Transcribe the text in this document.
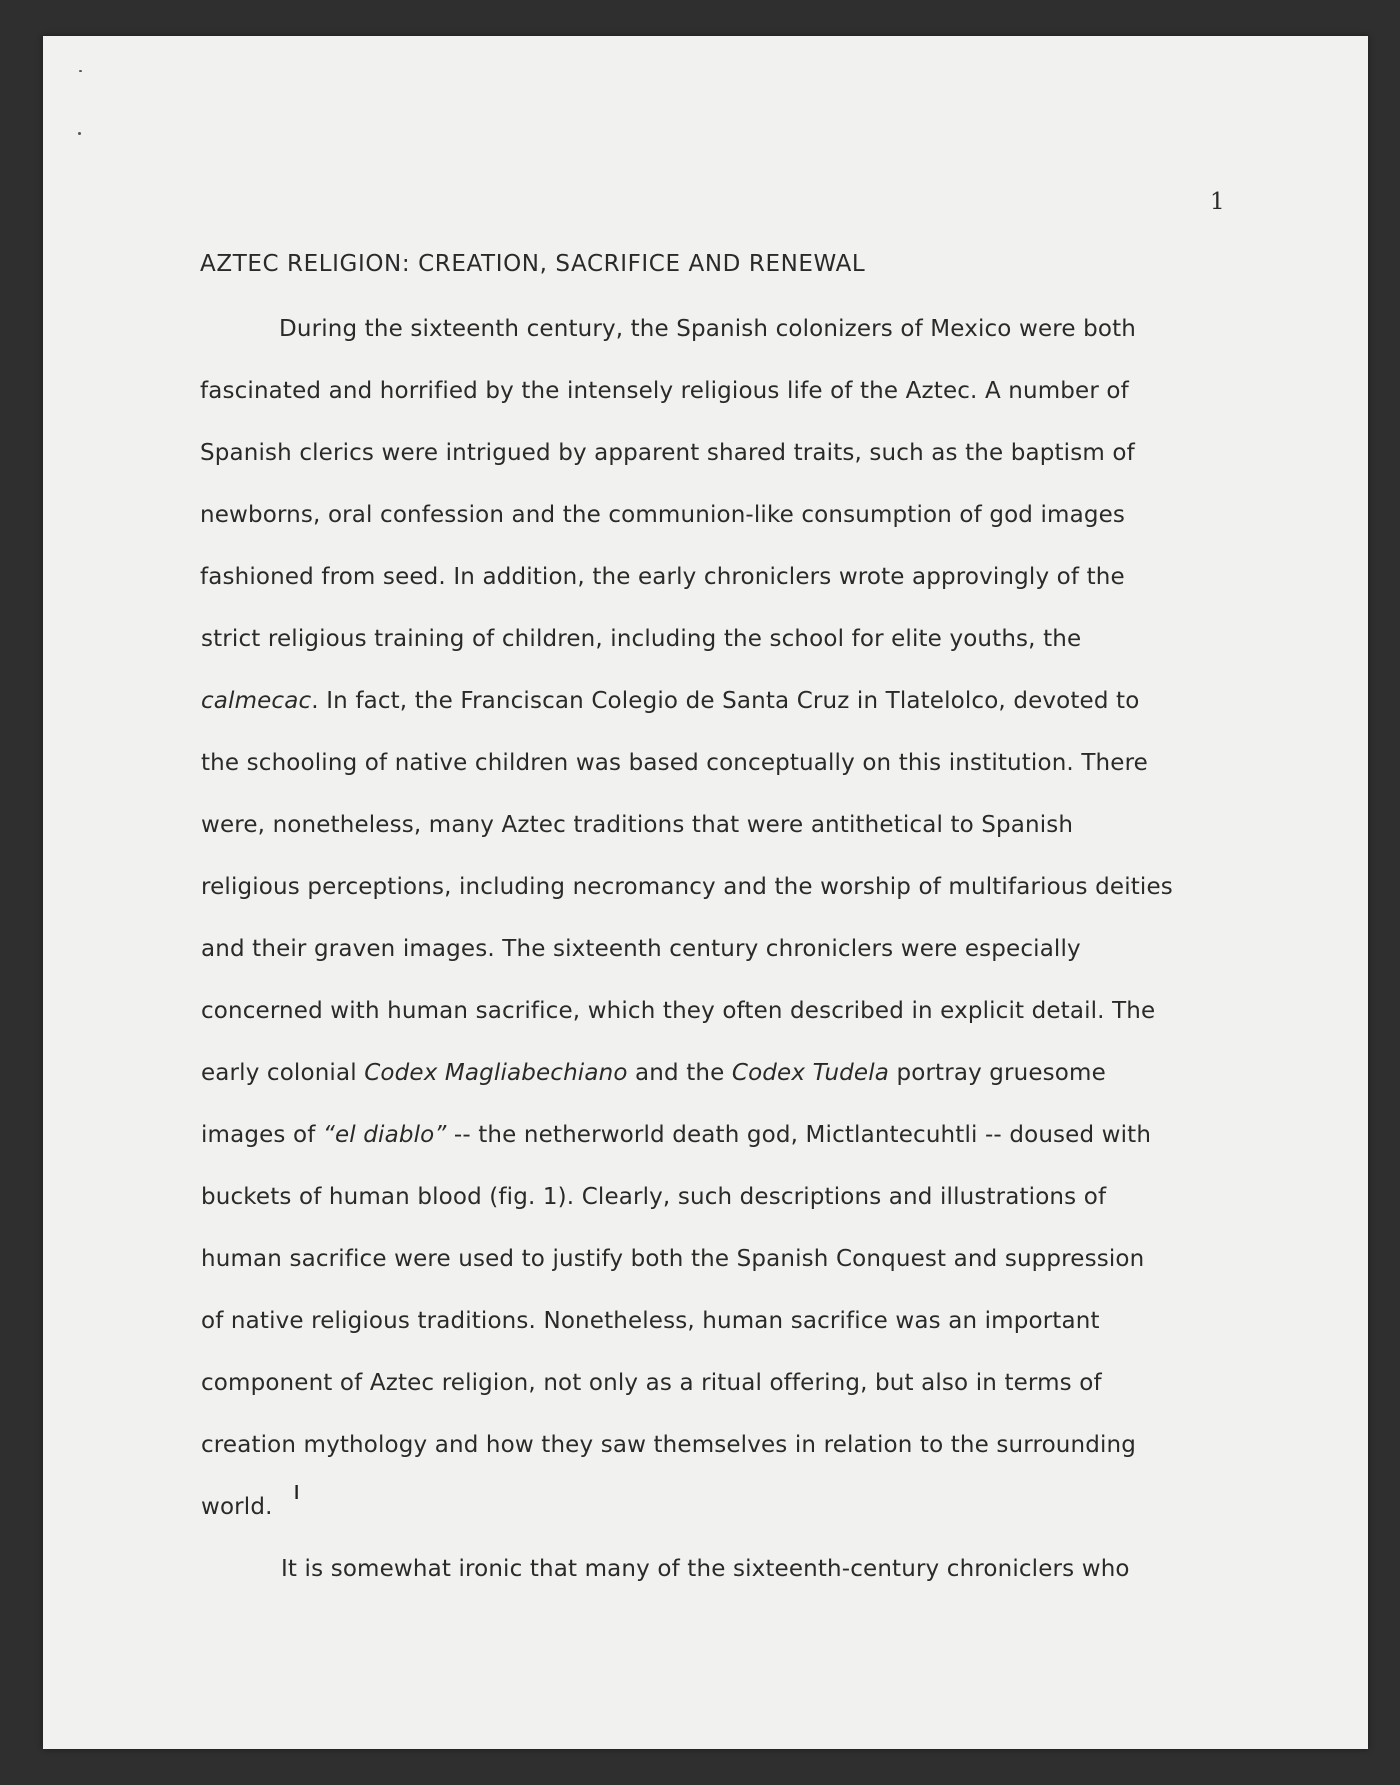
1

AZTEC RELIGION: CREATION, SACRIFICE AND RENEWAL

During the sixteenth century, the Spanish colonizers of Mexico were both

fascinated and horrified by the intensely religious life of the Aztec. A number of

Spanish clerics were intrigued by apparent shared traits, such as the baptism of

newborns, oral confession and the communion-like consumption of god images

fashioned from seed. In addition, the early chroniclers wrote approvingly of the

strict religious training of children, including the school for elite youths, the

calmecac. In fact, the Franciscan Colegio de Santa Cruz in Tlatelolco, devoted to

the schooling of native children was based conceptually on this institution. There

were, nonetheless, many Aztec traditions that were antithetical to Spanish

religious perceptions, including necromancy and the worship of multifarious deities

and their graven images. The sixteenth century chroniclers were especially

concerned with human sacrifice, which they often described in explicit detail. The

early colonial Codex Magliabechiano and the Codex Tudela portray gruesome

images of “el diablo” -- the netherworld death god, Mictlantecuhtli -- doused with

buckets of human blood (fig. 1). Clearly, such descriptions and illustrations of

human sacrifice were used to justify both the Spanish Conquest and suppression

of native religious traditions. Nonetheless, human sacrifice was an important

component of Aztec religion, not only as a ritual offering, but also in terms of

creation mythology and how they saw themselves in relation to the surrounding

world.

It is somewhat ironic that many of the sixteenth-century chroniclers who

ı
